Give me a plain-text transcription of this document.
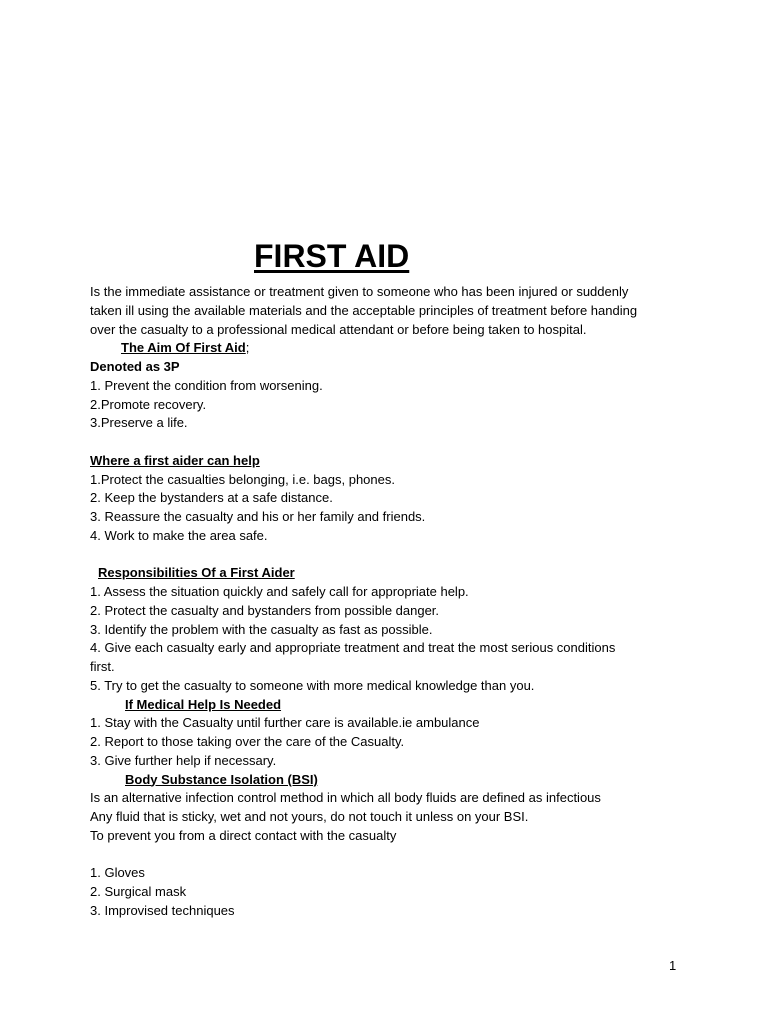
FIRST AID
Is the immediate assistance or treatment given to someone who has been injured or suddenly
taken ill using the available materials and the acceptable principles of treatment before handing
over the casualty to a professional medical attendant or before being taken to hospital.
The Aim Of First Aid;
Denoted as 3P
1. Prevent the condition from worsening.
2.Promote recovery.
3.Preserve a life.
Where a first aider can help
1.Protect the casualties belonging, i.e. bags, phones.
2. Keep the bystanders at a safe distance.
3. Reassure the casualty and his or her family and friends.
4. Work to make the area safe.
Responsibilities Of a First Aider
1. Assess the situation quickly and safely call for appropriate help.
2. Protect the casualty and bystanders from possible danger.
3. Identify the problem with the casualty as fast as possible.
4. Give each casualty early and appropriate treatment and treat the most serious conditions
first.
5. Try to get the casualty to someone with more medical knowledge than you.
If Medical Help Is Needed
1. Stay with the Casualty until further care is available.ie ambulance
2. Report to those taking over the care of the Casualty.
3. Give further help if necessary.
Body Substance Isolation (BSI)
Is an alternative infection control method in which all body fluids are defined as infectious
Any fluid that is sticky, wet and not yours, do not touch it unless on your BSI.
To prevent you from a direct contact with the casualty
1. Gloves
2. Surgical mask
3. Improvised techniques
1
